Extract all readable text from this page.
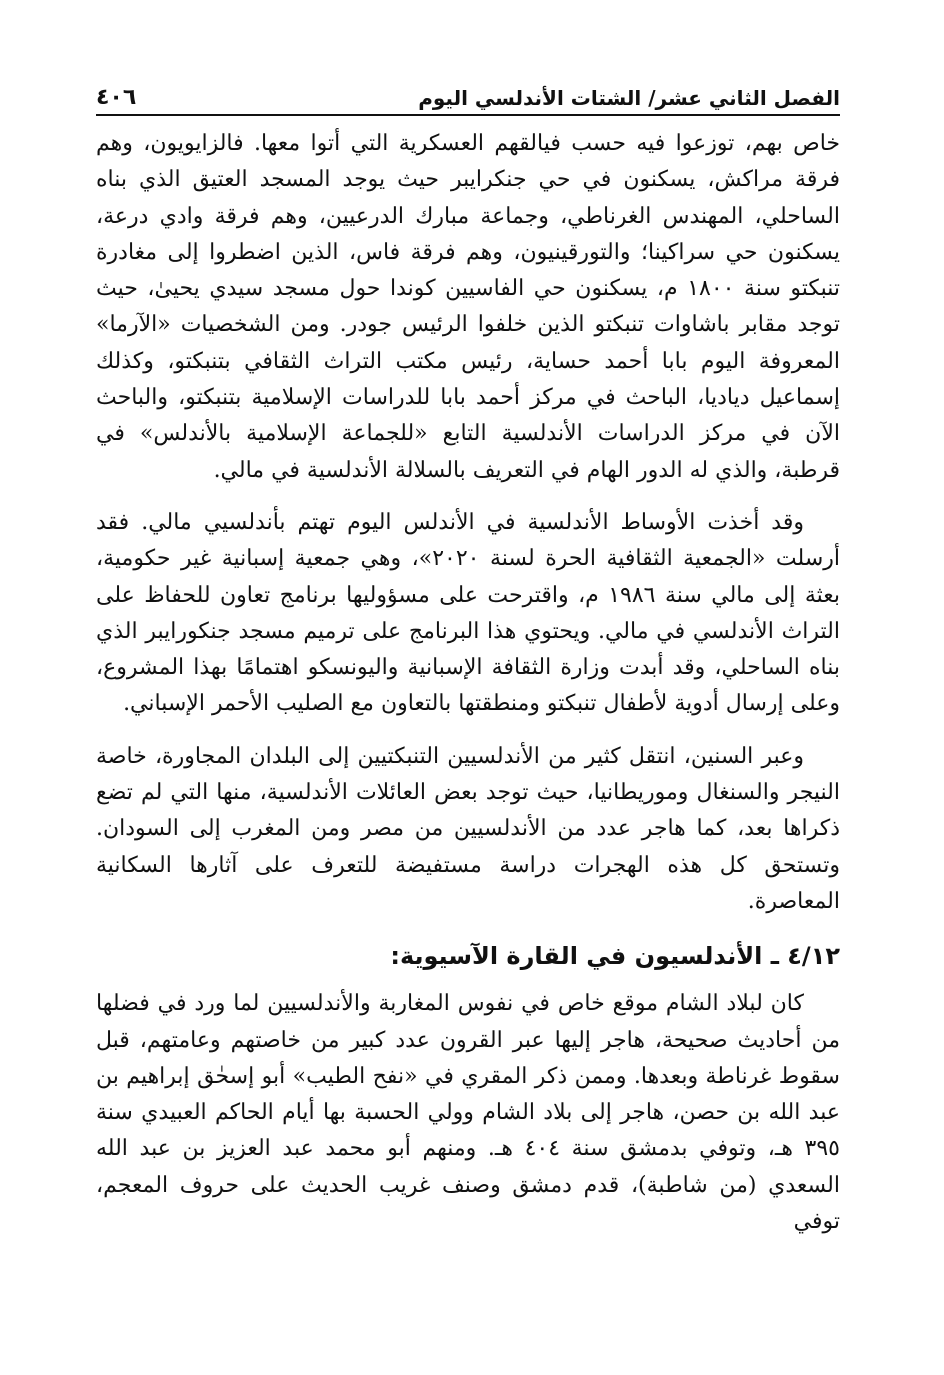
الفصل الثاني عشر/ الشتات الأندلسي اليوم
٤٠٦

خاص بهم، توزعوا فيه حسب فيالقهم العسكرية التي أتوا معها. فالزايويون، وهم فرقة مراكش، يسكنون في حي جنكرايبر حيث يوجد المسجد العتيق الذي بناه الساحلي، المهندس الغرناطي، وجماعة مبارك الدرعيين، وهم فرقة وادي درعة، يسكنون حي سراكينا؛ والتورقينيون، وهم فرقة فاس، الذين اضطروا إلى مغادرة تنبكتو سنة ١٨٠٠ م، يسكنون حي الفاسيين كوندا حول مسجد سيدي يحيىٰ، حيث توجد مقابر باشاوات تنبكتو الذين خلفوا الرئيس جودر. ومن الشخصيات «الآرما» المعروفة اليوم بابا أحمد حساية، رئيس مكتب التراث الثقافي بتنبكتو، وكذلك إسماعيل ديادیا، الباحث في مركز أحمد بابا للدراسات الإسلامية بتنبكتو، والباحث الآن في مركز الدراسات الأندلسية التابع «للجماعة الإسلامية بالأندلس» في قرطبة، والذي له الدور الهام في التعريف بالسلالة الأندلسية في مالي.

وقد أخذت الأوساط الأندلسية في الأندلس اليوم تهتم بأندلسيي مالي. فقد أرسلت «الجمعية الثقافية الحرة لسنة ٢٠٢٠»، وهي جمعية إسبانية غير حكومية، بعثة إلى مالي سنة ١٩٨٦ م، واقترحت على مسؤوليها برنامج تعاون للحفاظ على التراث الأندلسي في مالي. ويحتوي هذا البرنامج على ترميم مسجد جنكورايبر الذي بناه الساحلي، وقد أبدت وزارة الثقافة الإسبانية واليونسكو اهتمامًا بهذا المشروع، وعلى إرسال أدوية لأطفال تنبكتو ومنطقتها بالتعاون مع الصليب الأحمر الإسباني.

وعبر السنين، انتقل كثير من الأندلسيين التنبكتيين إلى البلدان المجاورة، خاصة النيجر والسنغال وموريطانيا، حيث توجد بعض العائلات الأندلسية، منها التي لم تضع ذكراها بعد، كما هاجر عدد من الأندلسيين من مصر ومن المغرب إلى السودان. وتستحق كل هذه الهجرات دراسة مستفيضة للتعرف على آثارها السكانية المعاصرة.

٤/١٢ ـ الأندلسيون في القارة الآسيوية:

كان لبلاد الشام موقع خاص في نفوس المغاربة والأندلسيين لما ورد في فضلها من أحاديث صحيحة، هاجر إليها عبر القرون عدد كبير من خاصتهم وعامتهم، قبل سقوط غرناطة وبعدها. وممن ذكر المقري في «نفح الطيب» أبو إسحٰق إبراهيم بن عبد الله بن حصن، هاجر إلى بلاد الشام وولي الحسبة بها أيام الحاكم العبيدي سنة ٣٩٥ هـ، وتوفي بدمشق سنة ٤٠٤ هـ. ومنهم أبو محمد عبد العزيز بن عبد الله السعدي (من شاطبة)، قدم دمشق وصنف غريب الحديث على حروف المعجم، توفي
